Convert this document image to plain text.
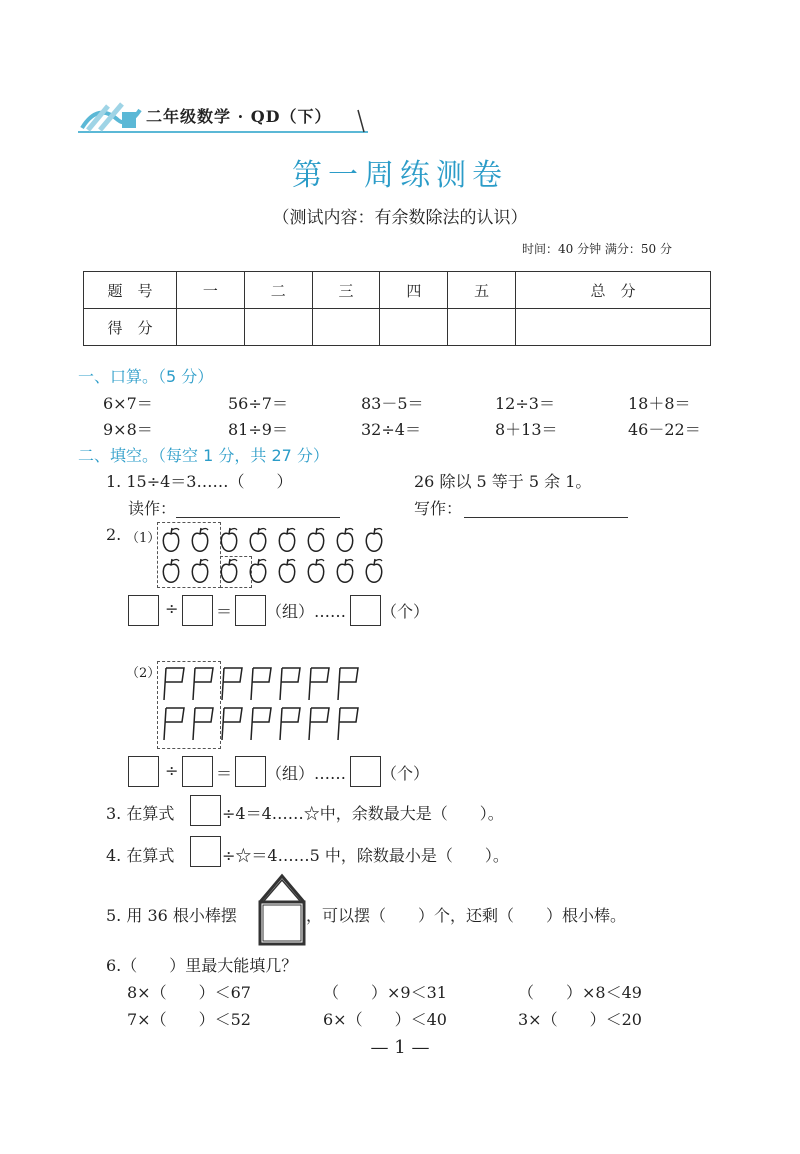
二年级数学 · QD（下）
第一周练测卷
（测试内容：有余数除法的认识）
时间：40 分钟 满分：50 分
题　号	一	二	三	四	五	总　分
得　分						
一、口算。（5 分）
6×7＝	56÷7＝	83－5＝	12÷3＝	18＋8＝
9×8＝	81÷9＝	32÷4＝	8＋13＝	46－22＝
二、填空。（每空 1 分，共 27 分）
1. 15÷4＝3……（　　）	26 除以 5 等于 5 余 1。
读作：	写作：
2. （1）
÷ ＝ （组）…… （个）
（2）
÷ ＝ （组）…… （个）
3. 在算式	÷4＝4……☆中，余数最大是（　　）。
4. 在算式	÷☆＝4……5 中，除数最小是（　　）。
5. 用 36 根小棒摆	，可以摆（　　）个，还剩（　　）根小棒。
6.（　　）里最大能填几？
8×（　　）＜67	（　　）×9＜31	（　　）×8＜49
7×（　　）＜52	6×（　　）＜40	3×（　　）＜20
— 1 —
